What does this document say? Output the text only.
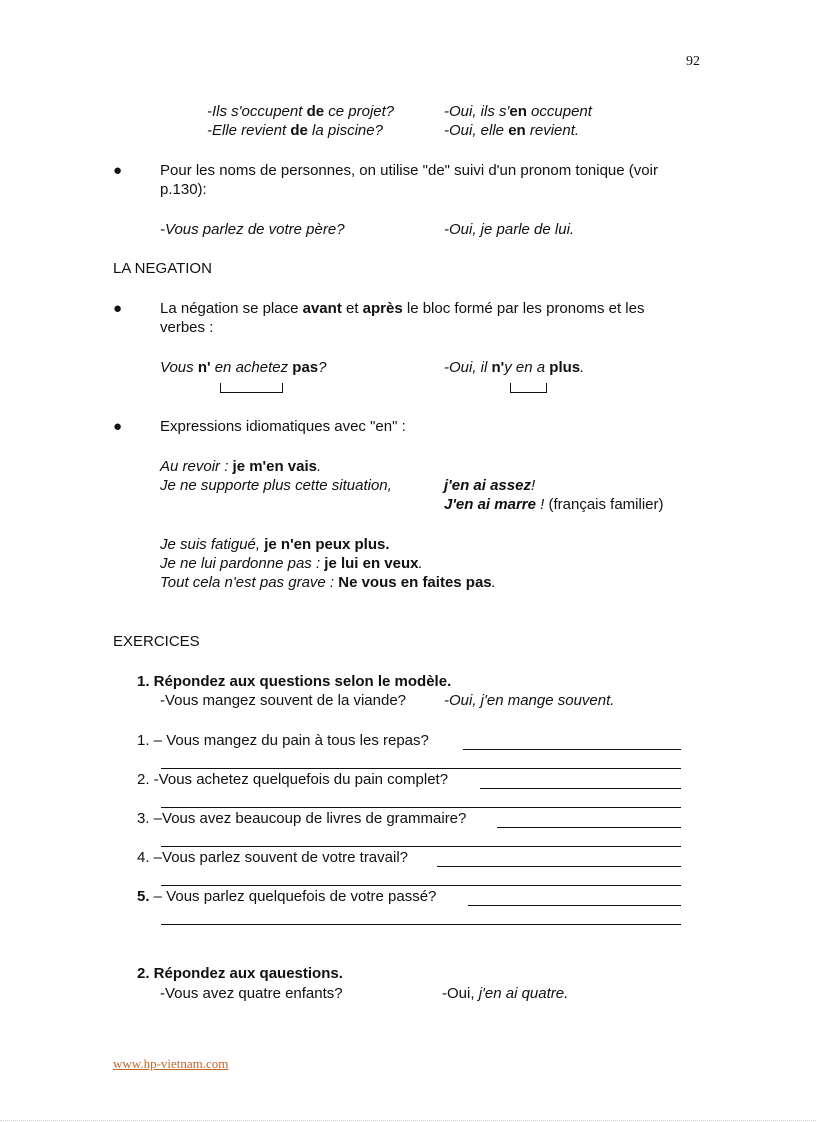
92
-Ils s'occupent de ce projet?	-Oui, ils s'en occupent
-Elle revient de la piscine?	-Oui, elle en revient.
●	Pour les noms de personnes, on utilise "de" suivi d'un pronom tonique (voir
p.130):
-Vous parlez de votre père?	-Oui, je parle de lui.
LA NEGATION
●	La négation se place avant et après le bloc formé par les pronoms et les
verbes :
Vous n' en achetez pas?	-Oui, il n'y en a plus.
●	Expressions idiomatiques avec "en" :
Au revoir : je m'en vais.
Je ne supporte plus cette situation,	j'en ai assez!
J'en ai marre ! (français familier)
Je suis fatigué, je n'en peux plus.
Je ne lui pardonne pas : je lui en veux.
Tout cela n'est pas grave : Ne vous en faites pas.
EXERCICES
1. Répondez aux questions selon le modèle.
-Vous mangez souvent de la viande?	-Oui, j'en mange souvent.
1. – Vous mangez du pain à tous les repas?
2. -Vous achetez quelquefois du pain complet?
3. –Vous avez beaucoup de livres de grammaire?
4. –Vous parlez souvent de votre travail?
5. – Vous parlez quelquefois de votre passé?
2. Répondez aux qauestions.
-Vous avez quatre enfants?	-Oui, j'en ai quatre.
www.hp-vietnam.com
